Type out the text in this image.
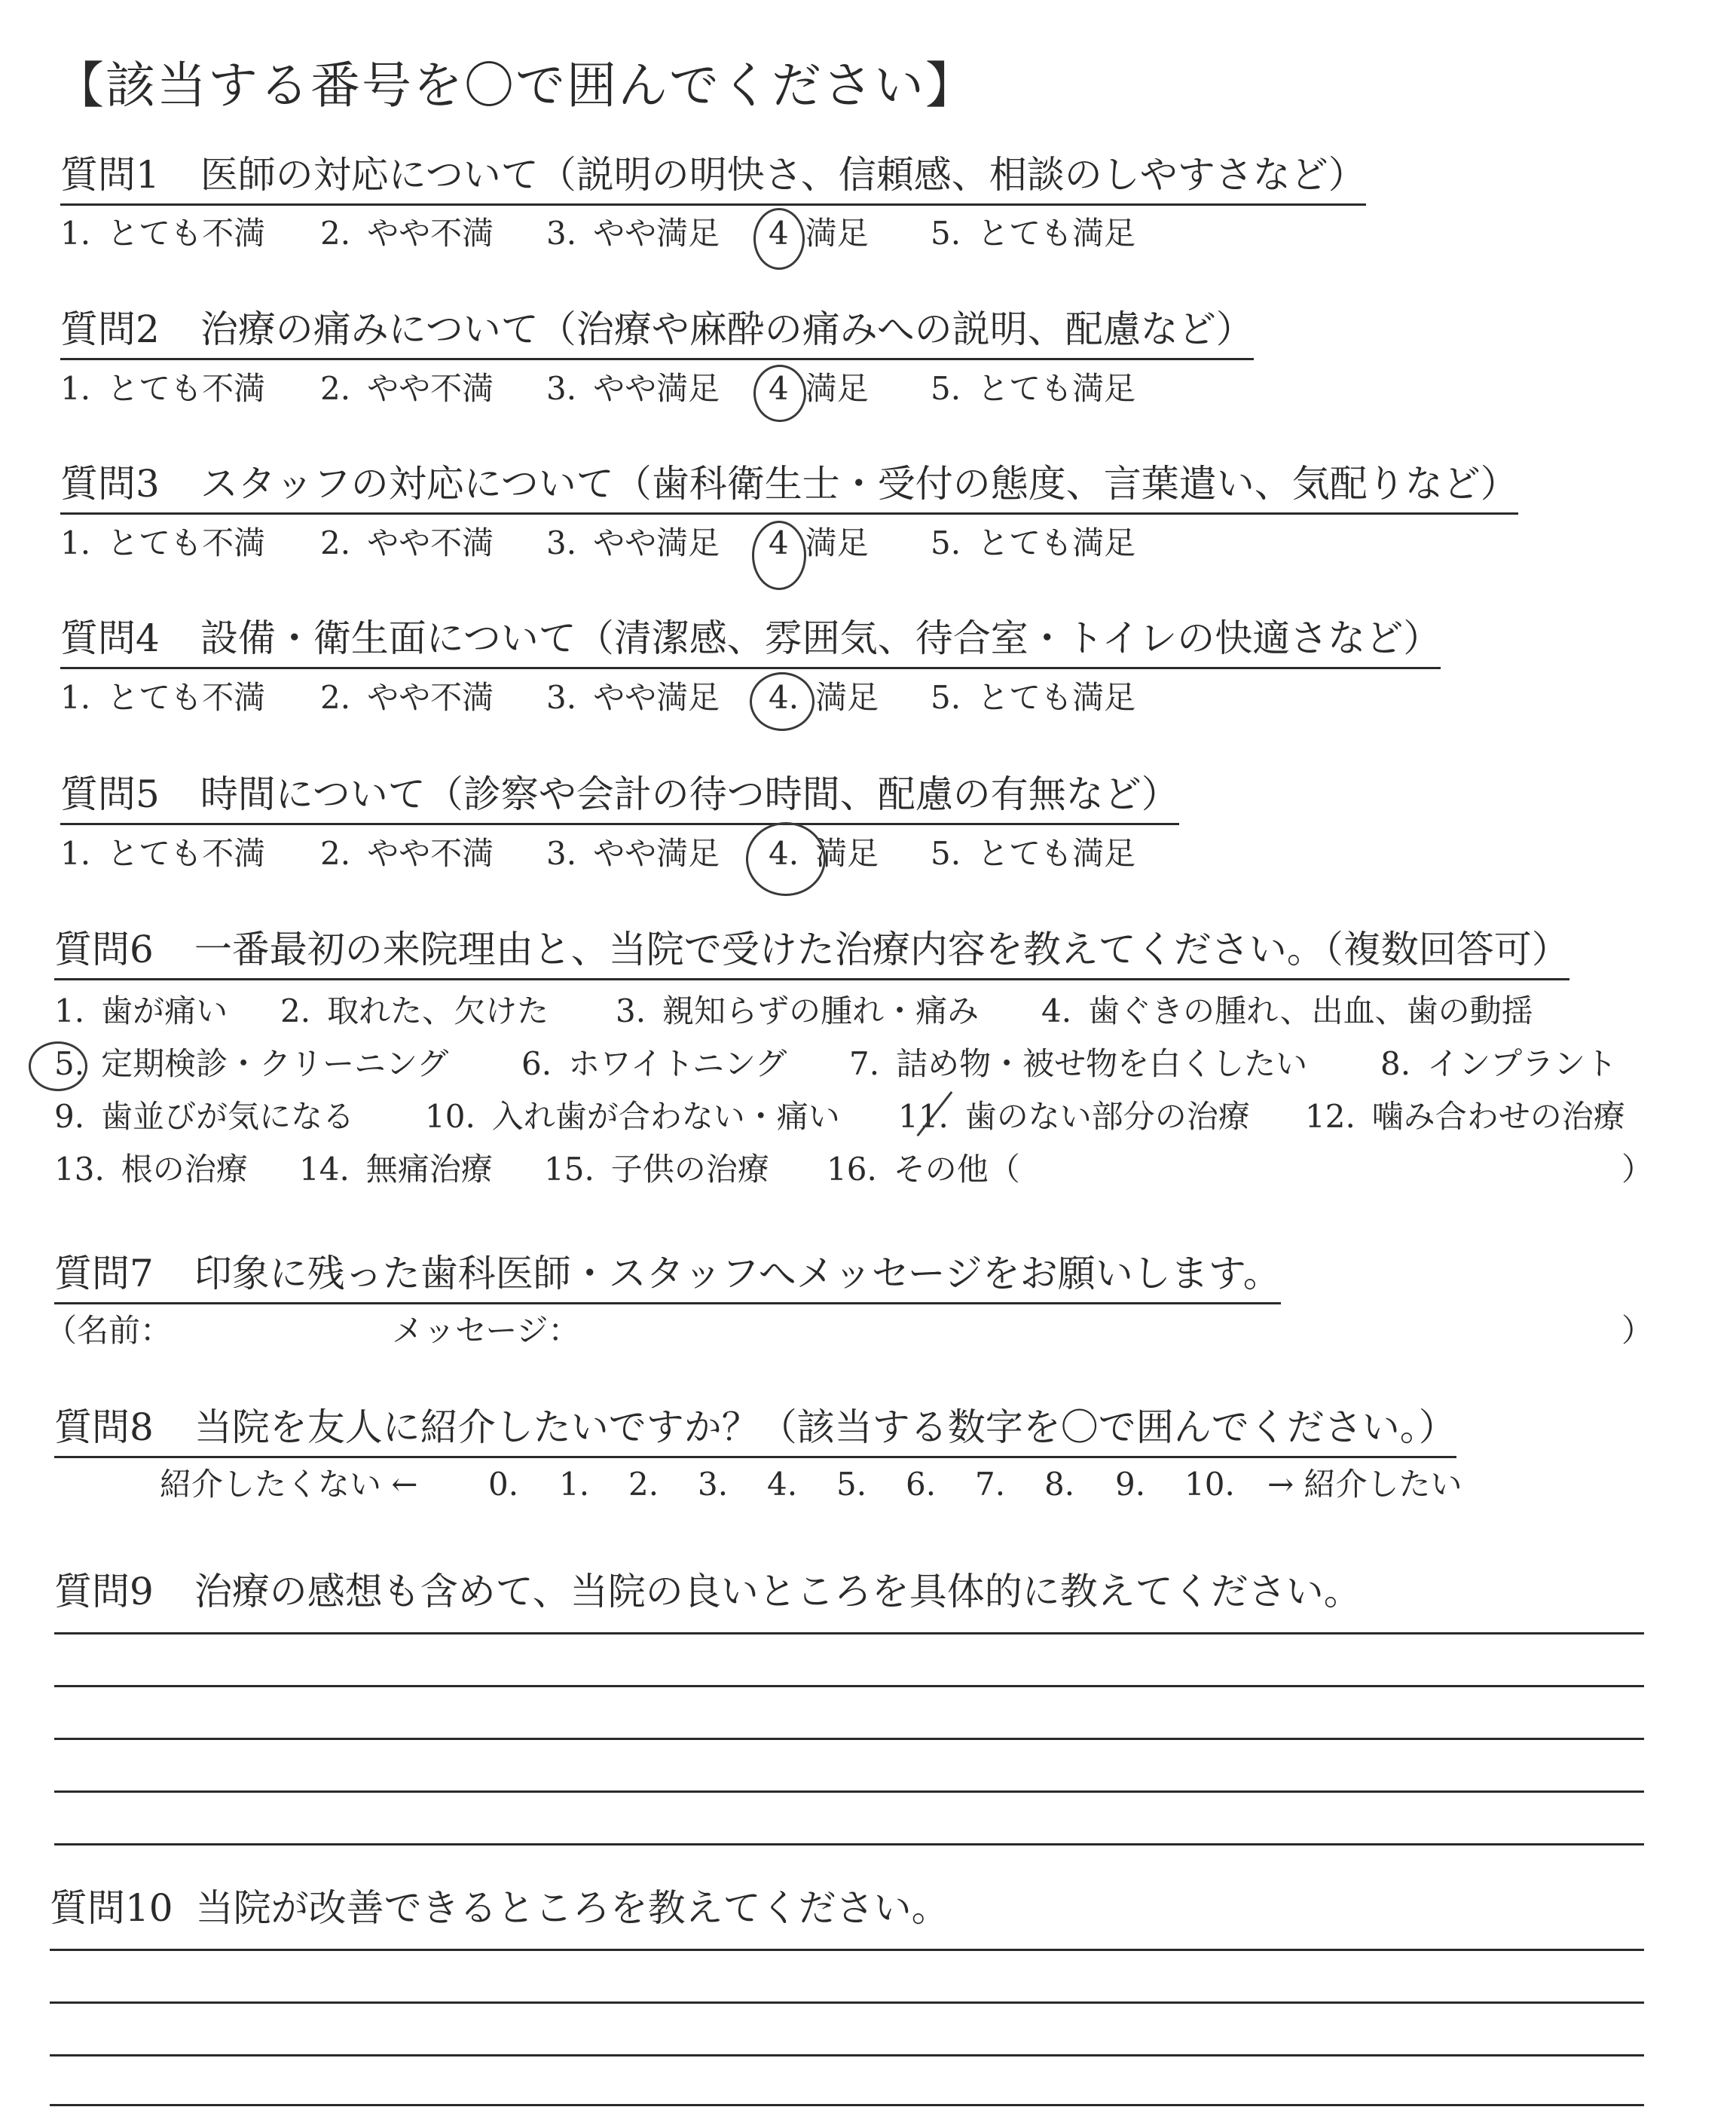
【該当する番号を〇で囲んでください】
質問1 医師の対応について（説明の明快さ、信頼感、相談のしやすさなど）
1. とても不満 2. やや不満 3. やや満足 4 満足 5. とても満足
質問2 治療の痛みについて（治療や麻酔の痛みへの説明、配慮など）
1. とても不満 2. やや不満 3. やや満足 4 満足 5. とても満足
質問3 スタッフの対応について（歯科衛生士・受付の態度、言葉遣い、気配りなど）
1. とても不満 2. やや不満 3. やや満足 4 満足 5. とても満足
質問4 設備・衛生面について（清潔感、雰囲気、待合室・トイレの快適さなど）
1. とても不満 2. やや不満 3. やや満足 4. 満足 5. とても満足
質問5 時間について（診察や会計の待つ時間、配慮の有無など）
1. とても不満 2. やや不満 3. やや満足 4. 満足 5. とても満足
質問6 一番最初の来院理由と、当院で受けた治療内容を教えてください。（複数回答可）
1. 歯が痛い 2. 取れた、欠けた 3. 親知らずの腫れ・痛み 4. 歯ぐきの腫れ、出血、歯の動揺
5. 定期検診・クリーニング 6. ホワイトニング 7. 詰め物・被せ物を白くしたい 8. インプラント
9. 歯並びが気になる 10. 入れ歯が合わない・痛い 11. 歯のない部分の治療 12. 噛み合わせの治療
13. 根の治療 14. 無痛治療 15. 子供の治療 16. その他（	）
質問7 印象に残った歯科医師・スタッフへメッセージをお願いします。
（名前：	メッセージ：	）
質問8 当院を友人に紹介したいですか？（該当する数字を〇で囲んでください。）
紹介したくない ← 0. 1. 2. 3. 4. 5. 6. 7. 8. 9. 10. → 紹介したい
質問9 治療の感想も含めて、当院の良いところを具体的に教えてください。
質問10 当院が改善できるところを教えてください。
